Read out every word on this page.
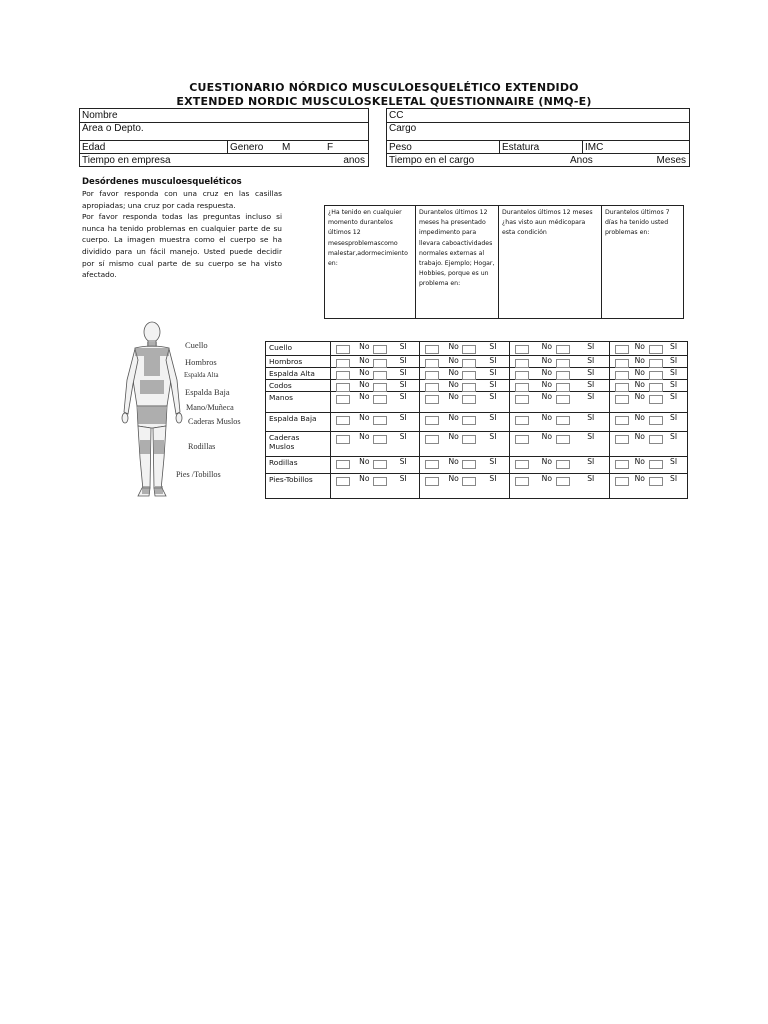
CUESTIONARIO NÓRDICO MUSCULOESQUELÉTICO EXTENDIDO
EXTENDED NORDIC MUSCULOSKELETAL QUESTIONNAIRE (NMQ-E)
Nombre
Área o Depto.
Edad	Genero M	F

Tiempo en empresa	anos
CC
Cargo
Peso	Estatura	IMC
Tiempo en el cargo	Anos	Meses
Desórdenes musculoesqueléticos

Por favor responda con una cruz en las casillas apropiadas; una cruz por cada respuesta.

Por favor responda todas las preguntas incluso si nunca ha tenido problemas en cualquier parte de su cuerpo. La imagen muestra como el cuerpo se ha dividido para un fácil manejo. Usted puede decidir por sí mismo cual parte de su cuerpo se ha visto afectado.

¿Ha tenido en cualquier momento durantelos últimos 12 mesesproblemascomo malestar,adormecimiento en:	Durantelos últimos 12 meses ha presentado impedimento para llevara caboactividades normales externas al trabajo. Ejemplo; Hogar, Hobbies, porque es un problema en:	Durantelos últimos 12 meses ¿has visto aun médicopara esta condición	Durantelos últimos 7 días ha tenido usted problemas en:
Cuello
Hombros
Espalda Alta
Espalda Baja
Mano/Muñeca
Caderas Muslos
Rodillas
Pies /Tobillos
Cuello	No SI	No SI	No SI	No SI

Hombros	No SI	No SI	No SI	No SI

Espalda Alta	No SI	No SI	No SI	No SI

Codos	No SI	No SI	No SI	No SI

Manos	No SI	No SI	No SI	No SI

Espalda Baja	No SI	No SI	No SI	No SI

Caderas Muslos	No SI	No SI	No SI	No SI

Rodillas	No SI	No SI	No SI	No SI

Pies-Tobillos	No SI	No SI	No SI	No SI
